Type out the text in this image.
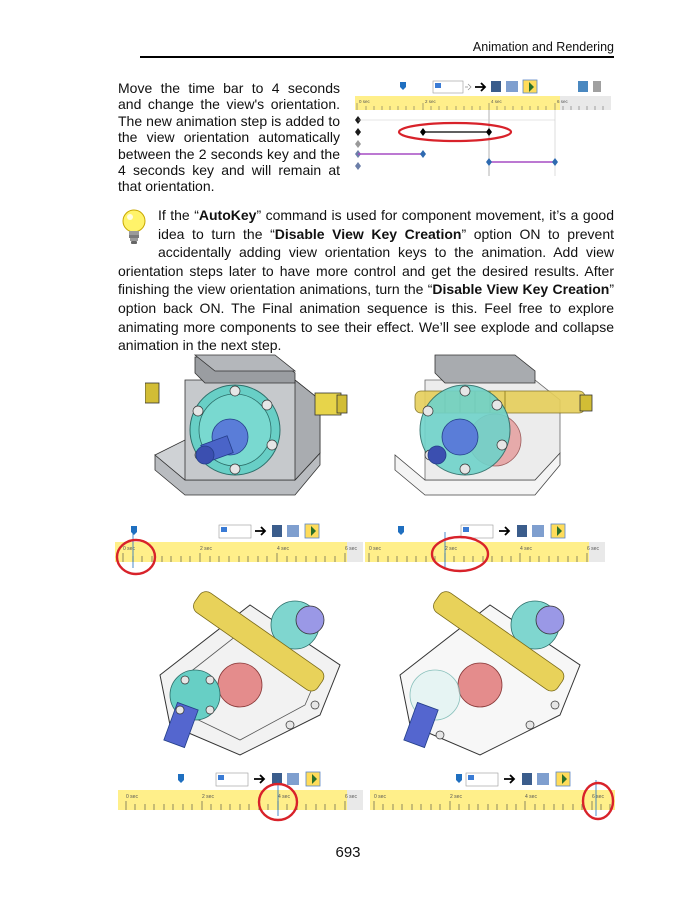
Animation and Rendering
Move the time bar to 4 seconds and change the view's orientation. The new animation step is added to the view orientation automatically between the 2 seconds key and the 4 seconds key and will remain at that orientation.
0 sec	2 sec	4 sec	6 sec
If the “AutoKey” command is used for component movement, it’s a good
idea to turn the “Disable View Key Creation” option ON to prevent
accidentally adding view orientation keys to the animation. Add view
orientation steps later to have more control and get the desired results. After
finishing the view orientation animations, turn the “Disable View Key Creation”
option back ON. The Final animation sequence is this. Feel free to explore
animating more components to see their effect. We’ll see explode and collapse
animation in the next step.
0 sec	2 sec	4 sec	6 sec 0 sec	2 sec	4 sec	6 sec
0 sec	2 sec	4 sec	6 sec	0 sec	2 sec	4 sec	6 sec
693
